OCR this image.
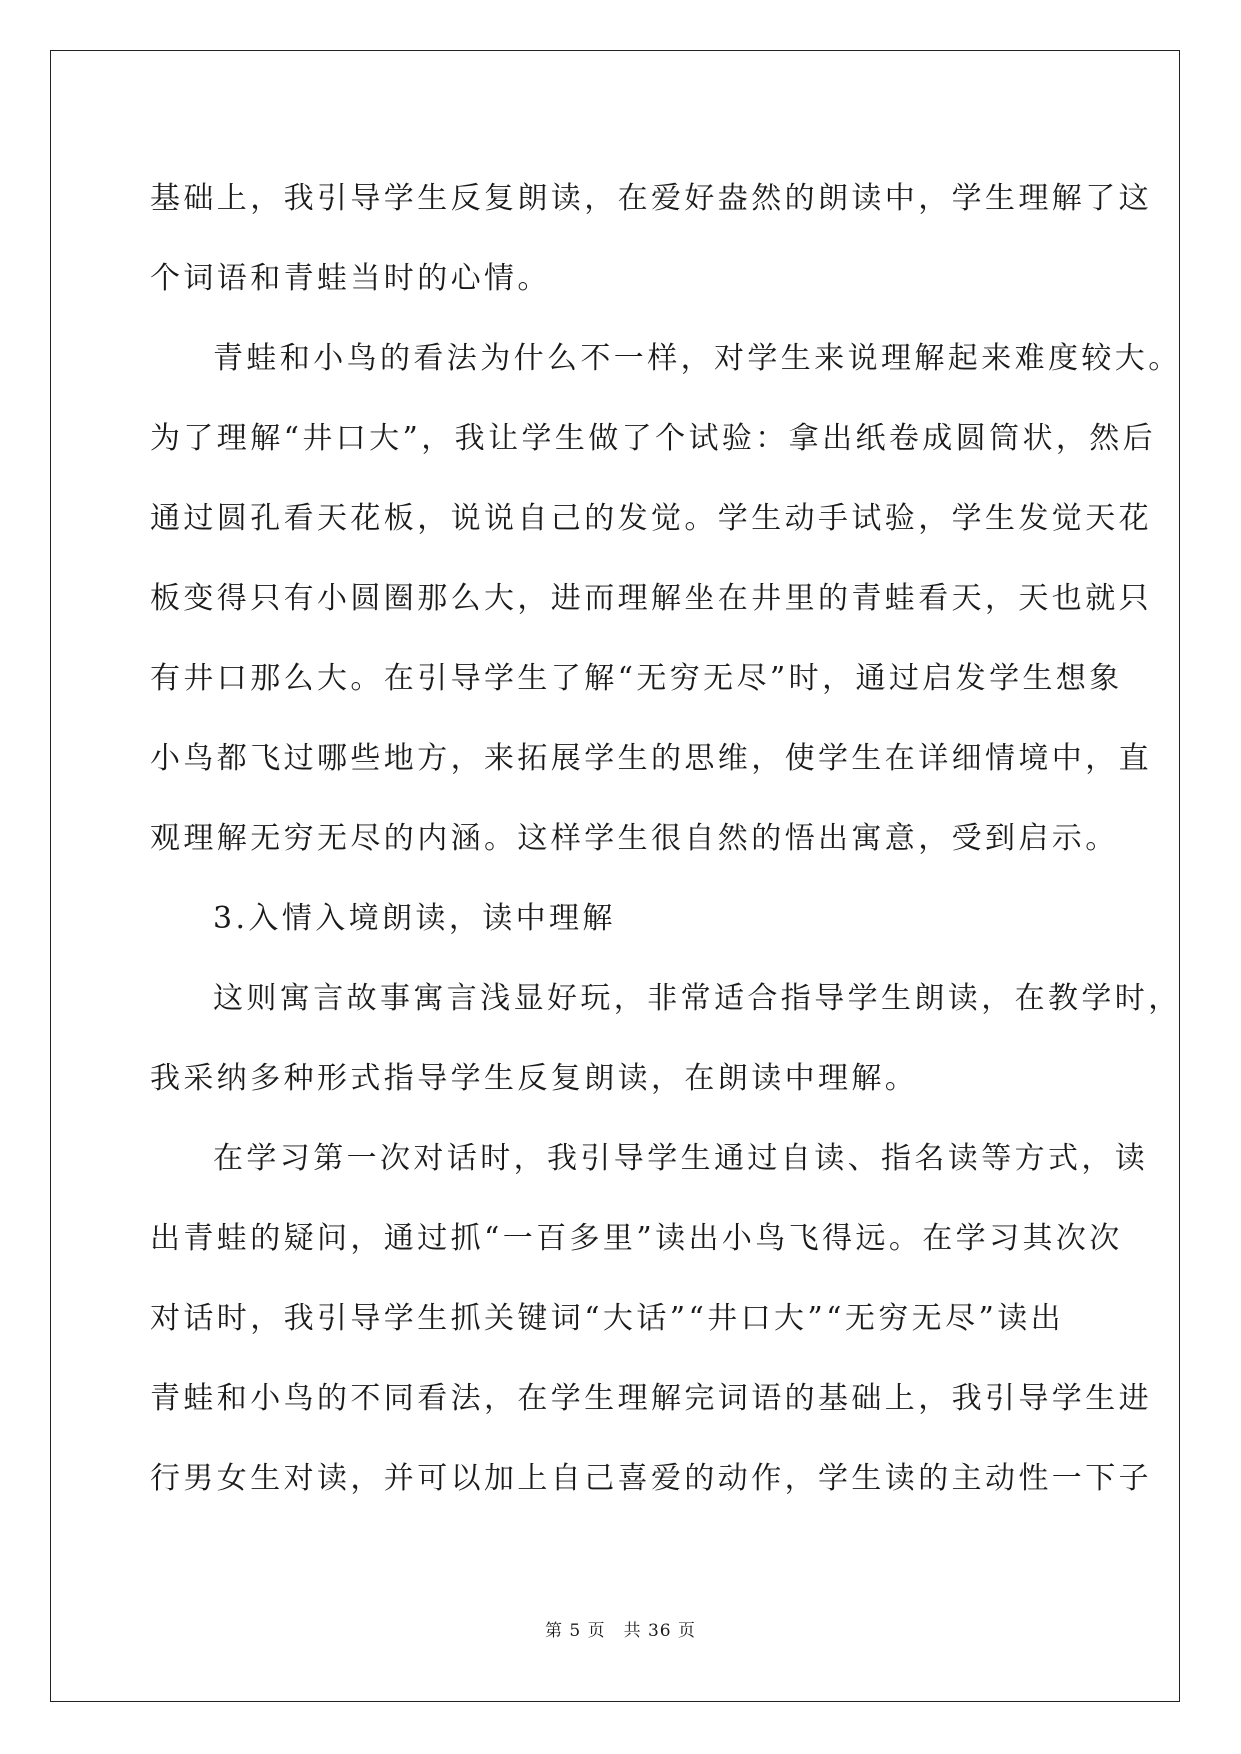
基础上，我引导学生反复朗读，在爱好盎然的朗读中，学生理解了这
个词语和青蛙当时的心情。
青蛙和小鸟的看法为什么不一样，对学生来说理解起来难度较大。
为了理解“井口大”，我让学生做了个试验：拿出纸卷成圆筒状，然后
通过圆孔看天花板，说说自己的发觉。学生动手试验，学生发觉天花
板变得只有小圆圈那么大，进而理解坐在井里的青蛙看天，天也就只
有井口那么大。在引导学生了解“无穷无尽”时，通过启发学生想象
小鸟都飞过哪些地方，来拓展学生的思维，使学生在详细情境中，直
观理解无穷无尽的内涵。这样学生很自然的悟出寓意，受到启示。
3.入情入境朗读，读中理解
这则寓言故事寓言浅显好玩，非常适合指导学生朗读，在教学时，
我采纳多种形式指导学生反复朗读，在朗读中理解。
在学习第一次对话时，我引导学生通过自读、指名读等方式，读
出青蛙的疑问，通过抓“一百多里”读出小鸟飞得远。在学习其次次
对话时，我引导学生抓关键词“大话”“井口大”“无穷无尽”读出
青蛙和小鸟的不同看法，在学生理解完词语的基础上，我引导学生进
行男女生对读，并可以加上自己喜爱的动作，学生读的主动性一下子
第 5 页　共 36 页
